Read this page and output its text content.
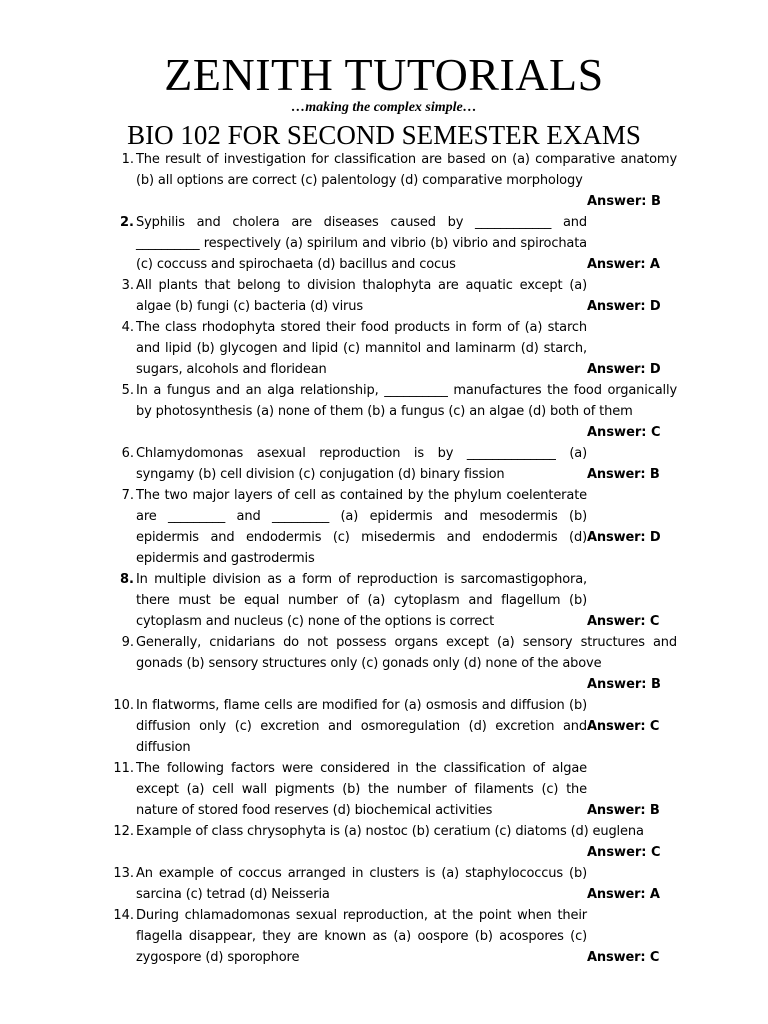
ZENITH TUTORIALS
…making the complex simple…
BIO 102 FOR SECOND SEMESTER EXAMS
1. The result of investigation for classification are based on (a) comparative anatomy (b) all options are correct (c) palentology (d) comparative morphology
Answer: B
2.
Answer: A
Syphilis and cholera are diseases caused by ____________ and __________ respectively (a) spirilum and vibrio (b) vibrio and spirochata (c) coccuss and spirochaeta (d) bacillus and cocus
3.
Answer: D
All plants that belong to division thalophyta are aquatic except (a) algae (b) fungi (c) bacteria (d) virus
4.
Answer: D
The class rhodophyta stored their food products in form of (a) starch and lipid (b) glycogen and lipid (c) mannitol and laminarm (d) starch, sugars, alcohols and floridean
5. In a fungus and an alga relationship, __________ manufactures the food organically by photosynthesis (a) none of them (b) a fungus (c) an algae (d) both of them
Answer: C
6.
Answer: B
Chlamydomonas asexual reproduction is by ______________ (a) syngamy (b) cell division (c) conjugation (d) binary fission
7.
Answer: D
The two major layers of cell as contained by the phylum coelenterate are _________ and _________ (a) epidermis and mesodermis (b) epidermis and endodermis (c) misedermis and endodermis (d) epidermis and gastrodermis
8.
Answer: C
In multiple division as a form of reproduction is sarcomastigophora, there must be equal number of (a) cytoplasm and flagellum (b) cytoplasm and nucleus (c) none of the options is correct
9. Generally, cnidarians do not possess organs except (a) sensory structures and gonads (b) sensory structures only (c) gonads only (d) none of the above
Answer: B
10.
Answer: C
In flatworms, flame cells are modified for (a) osmosis and diffusion (b) diffusion only (c) excretion and osmoregulation (d) excretion and diffusion
11.
Answer: B
The following factors were considered in the classification of algae except (a) cell wall pigments (b) the number of filaments (c) the nature of stored food reserves (d) biochemical activities
12. Example of class chrysophyta is (a) nostoc (b) ceratium (c) diatoms (d) euglena
Answer: C
13.
Answer: A
An example of coccus arranged in clusters is (a) staphylococcus (b) sarcina (c) tetrad (d) Neisseria
14.
Answer: C
During chlamadomonas sexual reproduction, at the point when their flagella disappear, they are known as (a) oospore (b) acospores (c) zygospore (d) sporophore
